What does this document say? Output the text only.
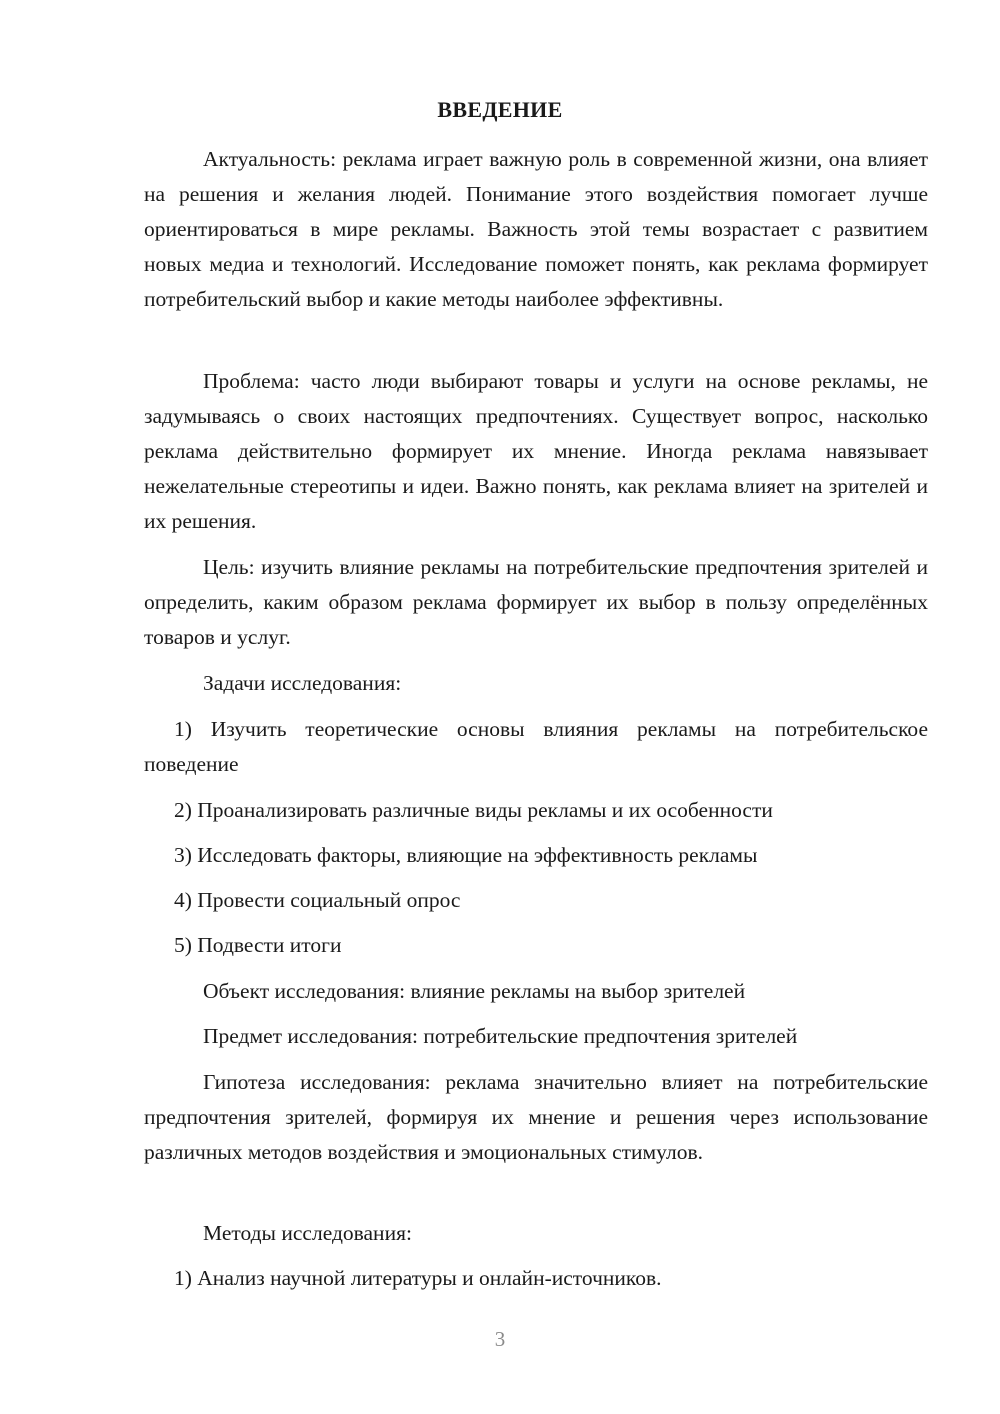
ВВЕДЕНИЕ

Актуальность: реклама играет важную роль в современной жизни, она влияет на решения и желания людей. Понимание этого воздействия помогает лучше ориентироваться в мире рекламы. Важность этой темы возрастает с развитием новых медиа и технологий. Исследование поможет понять, как реклама формирует потребительский выбор и какие методы наиболее эффективны.

Проблема: часто люди выбирают товары и услуги на основе рекламы, не задумываясь о своих настоящих предпочтениях. Существует вопрос, насколько реклама действительно формирует их мнение. Иногда реклама навязывает нежелательные стереотипы и идеи. Важно понять, как реклама влияет на зрителей и их решения.

Цель: изучить влияние рекламы на потребительские предпочтения зрителей и определить, каким образом реклама формирует их выбор в пользу определённых товаров и услуг.

Задачи исследования:

1) Изучить теоретические основы влияния рекламы на потребительское поведение

2) Проанализировать различные виды рекламы и их особенности

3) Исследовать факторы, влияющие на эффективность рекламы

4) Провести социальный опрос

5) Подвести итоги

Объект исследования: влияние рекламы на выбор зрителей

Предмет исследования: потребительские предпочтения зрителей

Гипотеза исследования: реклама значительно влияет на потребительские предпочтения зрителей, формируя их мнение и решения через использование различных методов воздействия и эмоциональных стимулов.

Методы исследования:

1) Анализ научной литературы и онлайн-источников.

3
